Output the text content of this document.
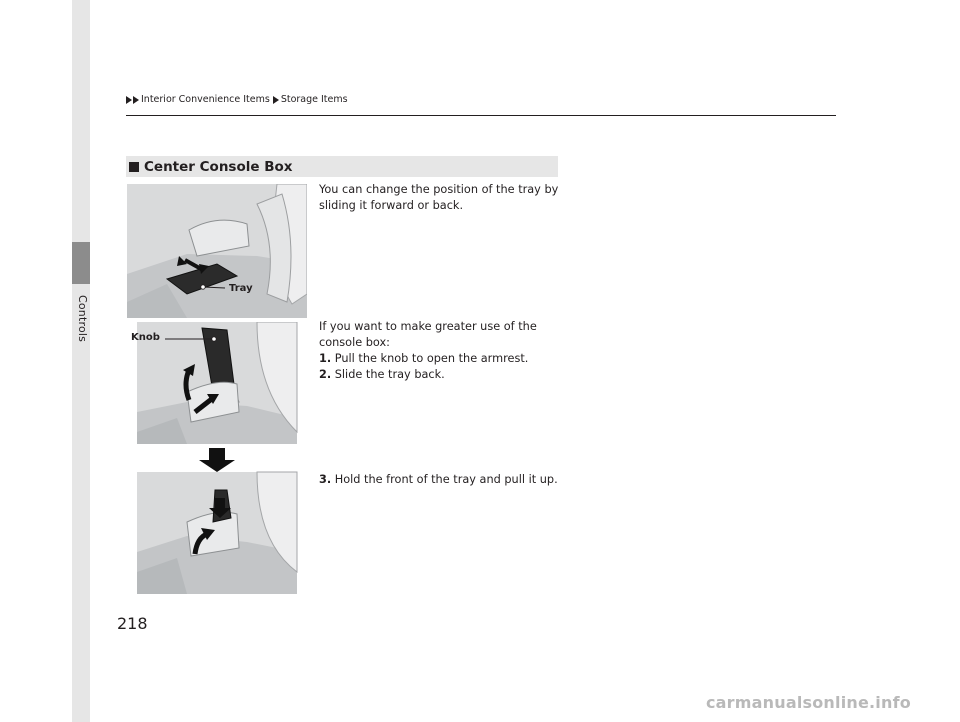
Controls
Interior Convenience Items Storage Items
Center Console Box
Tray
Knob
You can change the position of the tray by sliding it forward or back.
If you want to make greater use of the console box:
1. Pull the knob to open the armrest.
2. Slide the tray back.
3. Hold the front of the tray and pull it up.
218
carmanualsonline.info
